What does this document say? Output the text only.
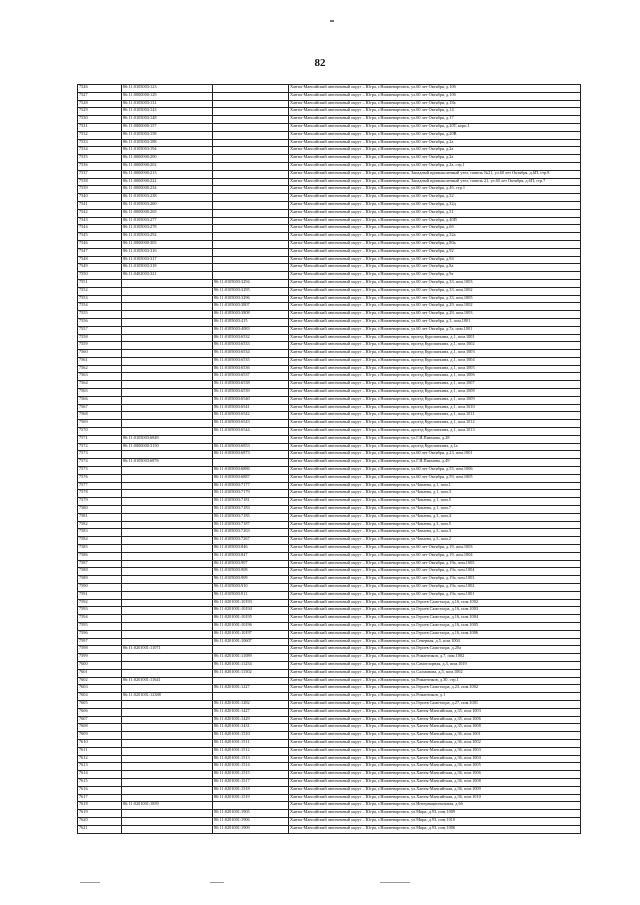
82
7526	86:11:0105003:123		Ханты-Мансийский автономный округ – Югра, г.Нижневартовск, ул.60 лет Октября, д.10б
7527	86:11:0000000:129		Ханты-Мансийский автономный округ – Югра, г.Нижневартовск, ул.60 лет Октября, д.10б
7528	86:11:0105003:131		Ханты-Мансийский автономный округ – Югра, г.Нижневартовск, ул.60 лет Октября, д.18а
7529	86:11:0105003:143		Ханты-Мансийский автономный округ – Югра, г.Нижневартовск, ул.60 лет Октября, д.14
7530	86:11:0105003:148		Ханты-Мансийский автономный округ – Югра, г.Нижневартовск, ул.60 лет Октября, д.17
7531	86:11:0000000:157		Ханты-Мансийский автономный округ – Югра, г.Нижневартовск, ул.60 лет Октября, д.20Т, корп.1
7532	86:11:0105003:158		Ханты-Мансийский автономный округ – Югра, г.Нижневартовск, ул.60 лет Октября, д.20В
7533	86:11:0105003:188		Ханты-Мансийский автономный округ – Югра, г.Нижневартовск, ул.60 лет Октября, д.2а
7534	86:11:0105003:194		Ханты-Мансийский автономный округ – Югра, г.Нижневартовск, ул.60 лет Октября, д.2а
7535	86:11:0000000:200		Ханты-Мансийский автономный округ – Югра, г.Нижневартовск, ул.60 лет Октября, д.2а
7536	86:11:0000000:202		Ханты-Мансийский автономный округ – Югра, г.Нижневартовск, ул.60 лет Октября, д.2а, стр.1
7537	86:11:0000000:213		Ханты-Мансийский автономный округ – Югра, г.Нижневартовск, Западный промышленный узел, панель №21, ул.60 лет Октября, д.6П, стр.8
7538	86:11:0000000:222		Ханты-Мансийский автономный округ – Югра, г.Нижневартовск, Западный промышленный узел, панель 21, ул.60 лет Октября, д.6П, стр.7
7539	86:11:0000000:234		Ханты-Мансийский автономный округ – Югра, г.Нижневартовск, ул.60 лет Октября, д.4б, стр.1
7540	86:11:0105003:238		Ханты-Мансийский автономный округ – Югра, г.Нижневартовск, ул.60 лет Октября, д.52
7541	86:11:0105003:260		Ханты-Мансийский автономный округ – Югра, г.Нижневартовск, ул.60 лет Октября, д.32д
7542	86:11:0000000:265		Ханты-Мансийский автономный округ – Югра, г.Нижневартовск, ул.60 лет Октября, д.31
7543	86:11:0105003:277		Ханты-Мансийский автономный округ – Югра, г.Нижневартовск, ул.60 лет Октября, д.40П
7544	86:11:0105003:278		Ханты-Мансийский автономный округ – Югра, г.Нижневартовск, ул.60 лет Октября, д.6б
7545	86:11:0105003:292		Ханты-Мансийский автономный округ – Югра, г.Нижневартовск, ул.60 лет Октября, д.32а
7546	86:11:0000000:305		Ханты-Мансийский автономный округ – Югра, г.Нижневартовск, ул.60 лет Октября, д.80а
7547	86:11:0105003:316		Ханты-Мансийский автономный округ – Югра, г.Нижневартовск, ул.60 лет Октября, д.92
7548	86:11:0105003:317		Ханты-Мансийский автономный округ – Югра, г.Нижневартовск, ул.60 лет Октября, д.94
7549	86:11:0105003:318		Ханты-Мансийский автономный округ – Югра, г.Нижневартовск, ул.60 лет Октября, д.8а
7550	86:11:0402003:321		Ханты-Мансийский автономный округ – Югра, г.Нижневартовск, ул.60 лет Октября, д.9а
7551		86:11:0105003:3294	Ханты-Мансийский автономный округ – Югра, г.Нижневартовск, ул.60 лет Октября, д.33, пом.1003
7552		86:11:0105003:3295	Ханты-Мансийский автономный округ – Югра, г.Нижневартовск, ул.60 лет Октября, д.33, пом.1002
7553		86:11:0105003:3296	Ханты-Мансийский автономный округ – Югра, г.Нижневартовск, ул.60 лет Октября, д.33, пом.1005
7554		86:11:0105003:3807	Ханты-Мансийский автономный округ – Югра, г.Нижневартовск, ул.60 лет Октября, д.29, пом.1002
7555		86:11:0105003:3808	Ханты-Мансийский автономный округ – Югра, г.Нижневартовск, ул.60 лет Октября, д.29, пом.1003
7556		86:11:0105003:415	Ханты-Мансийский автономный округ – Югра, г.Нижневартовск, ул.60 лет Октября, д.3, пом.1001
7557		86:11:0105003:4083	Ханты-Мансийский автономный округ – Югра, г.Нижневартовск, ул.60 лет Октября, д.7а, пом.1001
7558		86:11:0105003:6532	Ханты-Мансийский автономный округ – Югра, г.Нижневартовск, проезд Куропаткина, д.1, пом.1001
7559		86:11:0105003:6533	Ханты-Мансийский автономный округ – Югра, г.Нижневартовск, проезд Куропаткина, д.1, пом.1002
7560		86:11:0105003:6534	Ханты-Мансийский автономный округ – Югра, г.Нижневартовск, проезд Куропаткина, д.1, пом.1003
7561		86:11:0105003:6535	Ханты-Мансийский автономный округ – Югра, г.Нижневартовск, проезд Куропаткина, д.1, пом.1004
7562		86:11:0105003:6536	Ханты-Мансийский автономный округ – Югра, г.Нижневартовск, проезд Куропаткина, д.1, пом.1005
7563		86:11:0105003:6537	Ханты-Мансийский автономный округ – Югра, г.Нижневартовск, проезд Куропаткина, д.1, пом.1006
7564		86:11:0105003:6538	Ханты-Мансийский автономный округ – Югра, г.Нижневартовск, проезд Куропаткина, д.1, пом.1007
7565		86:11:0105003:6539	Ханты-Мансийский автономный округ – Югра, г.Нижневартовск, проезд Куропаткина, д.1, пом.1008
7566		86:11:0105003:6540	Ханты-Мансийский автономный округ – Югра, г.Нижневартовск, проезд Куропаткина, д.1, пом.1009
7567		86:11:0105003:6541	Ханты-Мансийский автономный округ – Югра, г.Нижневартовск, проезд Куропаткина, д.1, пом.1010
7568		86:11:0105003:6542	Ханты-Мансийский автономный округ – Югра, г.Нижневартовск, проезд Куропаткина, д.1, пом.1011
7569		86:11:0105003:6543	Ханты-Мансийский автономный округ – Югра, г.Нижневартовск, проезд Куропаткина, д.1, пом.1012
7570		86:11:0105003:6544	Ханты-Мансийский автономный округ – Югра, г.Нижневартовск, проезд Куропаткина, д.1, пом.1013
7571	86:11:0105003:6849		Ханты-Мансийский автономный округ – Югра, г.Нижневартовск, ул.Г.И.Пикмана, д.28
7572	86:11:0000000:3150	86:11:0105003:6853	Ханты-Мансийский автономный округ – Югра, г.Нижневартовск, проезд Куропаткина, д.1а
7573		86:11:0105003:6873	Ханты-Мансийский автономный округ – Югра, г.Нижневартовск, ул.60 лет Октября, д.23, пом.1001
7574	86:11:0105003:6876		Ханты-Мансийский автономный округ – Югра, г.Нижневартовск, ул.Г.И.Пикмана, д.49
7575		86:11:0105003:6886	Ханты-Мансийский автономный округ – Югра, г.Нижневартовск, ул.60 лет Октября, д.55, пом.1006
7576		86:11:0105003:6887	Ханты-Мансийский автономный округ – Югра, г.Нижневартовск, ул.60 лет Октября, д.59, пом.1005
7577		86:11:0105003:7177	Ханты-Мансийский автономный округ – Югра, г.Нижневартовск, ул.Чапаева, д.1, пом.1
7578		86:11:0105003:7179	Ханты-Мансийский автономный округ – Югра, г.Нижневартовск, ул.Чапаева, д.1, пом.3
7579		86:11:0105003:7181	Ханты-Мансийский автономный округ – Югра, г.Нижневартовск, ул.Чапаева, д.1, пом.5
7580		86:11:0105003:7183	Ханты-Мансийский автономный округ – Югра, г.Нижневартовск, ул.Чапаева, д.1, пом.7
7581		86:11:0105003:7185	Ханты-Мансийский автономный округ – Югра, г.Нижневартовск, ул.Чапаева, д.3, пом.4
7582		86:11:0105003:7187	Ханты-Мансийский автономный округ – Югра, г.Нижневартовск, ул.Чапаева, д.3, пом.5
7583		86:11:0105003:7263	Ханты-Мансийский автономный округ – Югра, г.Нижневартовск, ул.Чапаева, д.3, пом.3
7584		86:11:0105003:7267	Ханты-Мансийский автономный округ – Югра, г.Нижневартовск, ул.Чапаева, д.3, пом.2
7585		86:11:0105003:846	Ханты-Мансийский автономный округ – Югра, г.Нижневартовск, ул.60 лет Октября, д.19, пом.1003
7586		86:11:0105003:847	Ханты-Мансийский автономный округ – Югра, г.Нижневартовск, ул.60 лет Октября, д.19, пом.1004
7587		86:11:0105003:907	Ханты-Мансийский автономный округ – Югра, г.Нижневартовск, ул.60 лет Октября, д.19а, пом.1005
7588		86:11:0105003:908	Ханты-Мансийский автономный округ – Югра, г.Нижневартовск, ул.60 лет Октября, д.19а, пом.1004
7589		86:11:0105003:909	Ханты-Мансийский автономный округ – Югра, г.Нижневартовск, ул.60 лет Октября, д.19а, пом.1003
7590		86:11:0105003:910	Ханты-Мансийский автономный округ – Югра, г.Нижневартовск, ул.60 лет Октября, д.19а, пом.1002
7591		86:11:0105003:911	Ханты-Мансийский автономный округ – Югра, г.Нижневартовск, ул.60 лет Октября, д.19а, пом.1001
7592		86:11:0201001:10193	Ханты-Мансийский автономный округ – Югра, г.Нижневартовск, ул.Героев Самотлора, д.16, пом.1002
7593		86:11:0201001:10194	Ханты-Мансийский автономный округ – Югра, г.Нижневартовск, ул.Героев Самотлора, д.16, пом.1003
7594		86:11:0201001:10195	Ханты-Мансийский автономный округ – Югра, г.Нижневартовск, ул.Героев Самотлора, д.16, пом.1004
7595		86:11:0201001:10196	Ханты-Мансийский автономный округ – Югра, г.Нижневартовск, ул.Героев Самотлора, д.16, пом.1005
7596		86:11:0201001:10197	Ханты-Мансийский автономный округ – Югра, г.Нижневартовск, ул.Героев Самотлора, д.16, пом.1006
7597		86:11:0201001:10607	Ханты-Мансийский автономный округ – Югра, г.Нижневартовск, ул.Северная, д.5, пом.1004
7598	86:11:0201001:11071		Ханты-Мансийский автономный округ – Югра, г.Нижневартовск, ул.Героев Самотлора, д.20а
7599		86:11:0201001:11089	Ханты-Мансийский автономный округ – Югра, г.Нижневартовск, ул.Романтиков, д.7, пом.1002
7600		86:11:0201001:11254	Ханты-Мансийский автономный округ – Югра, г.Нижневартовск, ул.Самотлорная, д.3, пом.1019
7601		86:11:0201001:11502	Ханты-Мансийский автономный округ – Югра, г.Нижневартовск, ул.Салманова, д.5, пом.1002
7602	86:11:0201001:11641		Ханты-Мансийский автономный округ – Югра, г.Нижневартовск, ул.Романтиков, д.30, стр.1
7603		86:11:0201001:1227	Ханты-Мансийский автономный округ – Югра, г.Нижневартовск, ул.Героев Самотлора, д.23, пом.1002
7604	86:11:0201001:12388		Ханты-Мансийский автономный округ – Югра, г.Нижневартовск, ул.Романтиков, д.1
7605		86:11:0201001:1282	Ханты-Мансийский автономный округ – Югра, г.Нижневартовск, ул.Героев Самотлора, д.27, пом.1001
7606		86:11:0201001:1427	Ханты-Мансийский автономный округ – Югра, г.Нижневартовск, ул.Ханты-Мансийская, д.35, пом.1003
7607		86:11:0201001:1429	Ханты-Мансийский автономный округ – Югра, г.Нижневартовск, ул.Ханты-Мансийская, д.35, пом.1006
7608		86:11:0201001:1431	Ханты-Мансийский автономный округ – Югра, г.Нижневартовск, ул.Ханты-Мансийская, д.35, пом.1008
7609		86:11:0201001:1510	Ханты-Мансийский автономный округ – Югра, г.Нижневартовск, ул.Ханты-Мансийская, д.36, пом.1001
7610		86:11:0201001:1511	Ханты-Мансийский автономный округ – Югра, г.Нижневартовск, ул.Ханты-Мансийская, д.36, пом.1002
7611		86:11:0201001:1512	Ханты-Мансийский автономный округ – Югра, г.Нижневартовск, ул.Ханты-Мансийская, д.36, пом.1003
7612		86:11:0201001:1513	Ханты-Мансийский автономный округ – Югра, г.Нижневартовск, ул.Ханты-Мансийская, д.36, пом.1004
7613		86:11:0201001:1514	Ханты-Мансийский автономный округ – Югра, г.Нижневартовск, ул.Ханты-Мансийская, д.36, пом.1005
7614		86:11:0201001:1515	Ханты-Мансийский автономный округ – Югра, г.Нижневартовск, ул.Ханты-Мансийская, д.36, пом.1006
7615		86:11:0201001:1517	Ханты-Мансийский автономный округ – Югра, г.Нижневартовск, ул.Ханты-Мансийская, д.36, пом.1008
7616		86:11:0201001:1518	Ханты-Мансийский автономный округ – Югра, г.Нижневартовск, ул.Ханты-Мансийская, д.36, пом.1009
7617		86:11:0201001:1519	Ханты-Мансийский автономный округ – Югра, г.Нижневартовск, ул.Ханты-Мансийская, д.36, пом.1010
7618	86:11:0201001:1839		Ханты-Мансийский автономный округ – Югра, г.Нижневартовск, ул.Интернациональная, д.6б
7619		86:11:0201001:1905	Ханты-Мансийский автономный округ – Югра, г.Нижневартовск, ул.Мира, д.93, пом.1009
7620		86:11:0201001:1906	Ханты-Мансийский автономный округ – Югра, г.Нижневартовск, ул.Мира, д.93, пом.1010
7621		86:11:0201001:1909	Ханты-Мансийский автономный округ – Югра, г.Нижневартовск, ул.Мира, д.93, пом.1006
